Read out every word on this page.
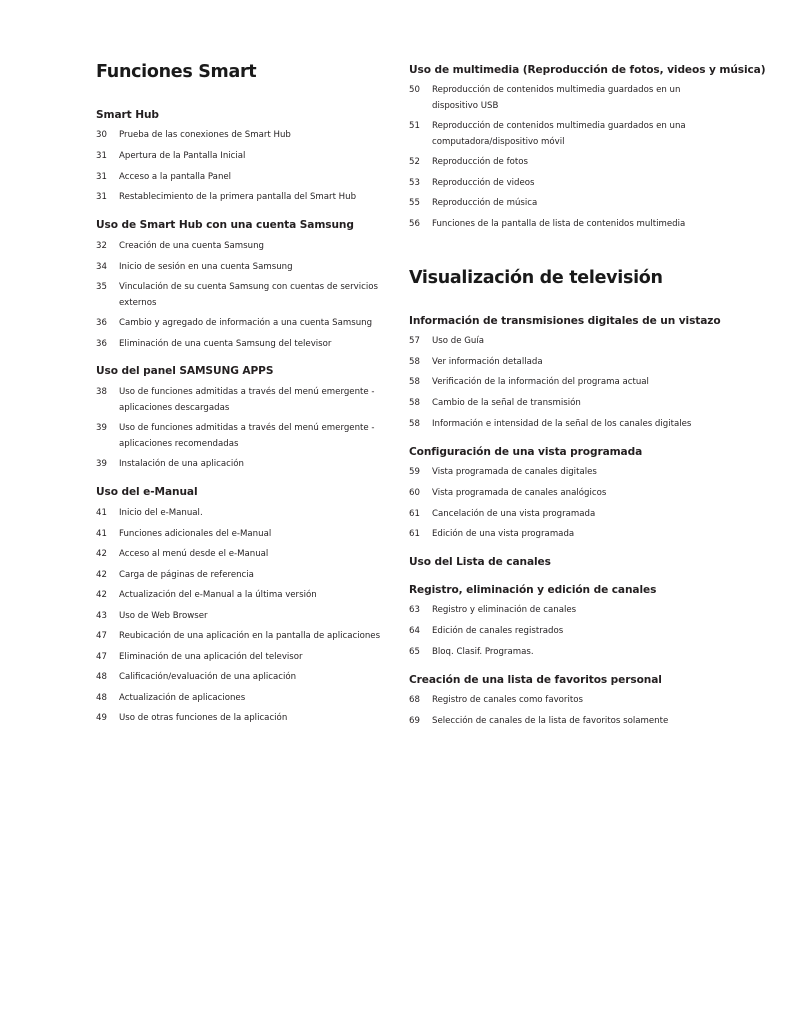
Funciones Smart
Smart Hub
30	Prueba de las conexiones de Smart Hub
31	Apertura de la Pantalla Inicial
31	Acceso a la pantalla Panel
31	Restablecimiento de la primera pantalla del Smart Hub
Uso de Smart Hub con una cuenta Samsung
32	Creación de una cuenta Samsung
34	Inicio de sesión en una cuenta Samsung
35	Vinculación de su cuenta Samsung con cuentas de servicios externos
36	Cambio y agregado de información a una cuenta Samsung
36	Eliminación de una cuenta Samsung del televisor
Uso del panel SAMSUNG APPS
38	Uso de funciones admitidas a través del menú emergente - aplicaciones descargadas
39	Uso de funciones admitidas a través del menú emergente - aplicaciones recomendadas
39	Instalación de una aplicación
Uso del e-Manual
41	Inicio del e-Manual.
41	Funciones adicionales del e-Manual
42	Acceso al menú desde el e-Manual
42	Carga de páginas de referencia
42	Actualización del e-Manual a la última versión
43	Uso de Web Browser
47	Reubicación de una aplicación en la pantalla de aplicaciones
47	Eliminación de una aplicación del televisor
48	Calificación/evaluación de una aplicación
48	Actualización de aplicaciones
49	Uso de otras funciones de la aplicación
Uso de multimedia (Reproducción de fotos, videos y música)
50	Reproducción de contenidos multimedia guardados en un dispositivo USB
51	Reproducción de contenidos multimedia guardados en una computadora/dispositivo móvil
52	Reproducción de fotos
53	Reproducción de videos
55	Reproducción de música
56	Funciones de la pantalla de lista de contenidos multimedia
Visualización de televisión
Información de transmisiones digitales de un vistazo
57	Uso de Guía
58	Ver información detallada
58	Verificación de la información del programa actual
58	Cambio de la señal de transmisión
58	Información e intensidad de la señal de los canales digitales
Configuración de una vista programada
59	Vista programada de canales digitales
60	Vista programada de canales analógicos
61	Cancelación de una vista programada
61	Edición de una vista programada
Uso del Lista de canales
Registro, eliminación y edición de canales
63	Registro y eliminación de canales
64	Edición de canales registrados
65	Bloq. Clasif. Programas.
Creación de una lista de favoritos personal
68	Registro de canales como favoritos
69	Selección de canales de la lista de favoritos solamente
